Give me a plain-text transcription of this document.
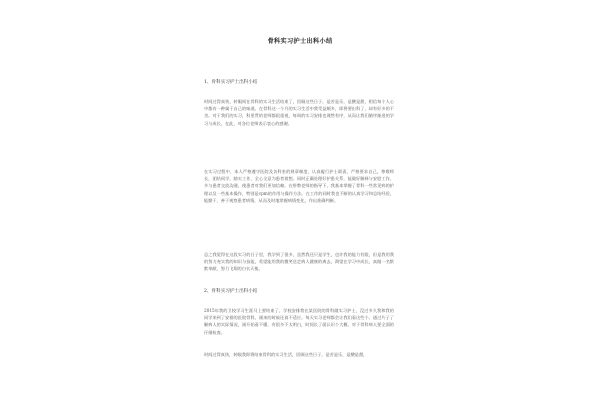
骨科实习护士出科小结
1、骨科实习护士出科小结
时间过得真快，转眼间在骨科的实习生活结束了，回顾这些日子，是苦是乐，是酸是甜，相信每个人心中都有一种属于自己的味道。在骨科这一个月的实习生活中我受益颇多，即将要出科了，却有好多的不舍。对于我们的实习，科里贯的老师都很重视，每周的实习安排也课然有序，从而让我们循序渐进的学习与成长，在此，对各位老师表示衷心的感谢。
在实习过程中，本人严格遵守医院及各科室的规章制度，认真履行护士职责，严格要求自己，尊敬师长，团结同学，踏实工作，全心全意为患者着想。同时正确处理好护患关系，能做好解释与安慰工作，多与患者交流沟通，使患者对我们更加信赖。在带教老师的指导下，我基本掌握了骨科一些常见病的护理以及一些基本操作，特别是cpm的作用与操作方法。在工作的同时我也不断的认真学习和总结经验，能勤于、善于观察患者病情，从而及时地掌握病情变化，作出准确判断。
总之我觉得在这段实习的日子里，我学到了很多，虽然我还只是学生，也许我的能力有限，但是我用我的努力充实我的知识与技能，希望能用我的微笑送走病人健康的离去，渴望在学习中成长，真做一名默默奉献、努力飞翔的白衣天使。
2、骨科实习护士出科小结
2015年我的卫校学习生涯马上要结束了，学校安排我在某医院的骨科做实习护士，没过多久我和我的同学来到了安排的医院骨科，刚来的时候还真不适应。每天实习老师都会让我们看这些个。通过片子了解病人的实际情况，刚开始看不懂，有很多不太明白，时间长了就认识个大概，对于骨科病人要全面的仔细检查。
时间过得真快，转眼我即将结束骨科的实习生活，回顾这些日子，是苦是乐，是酸是甜，
